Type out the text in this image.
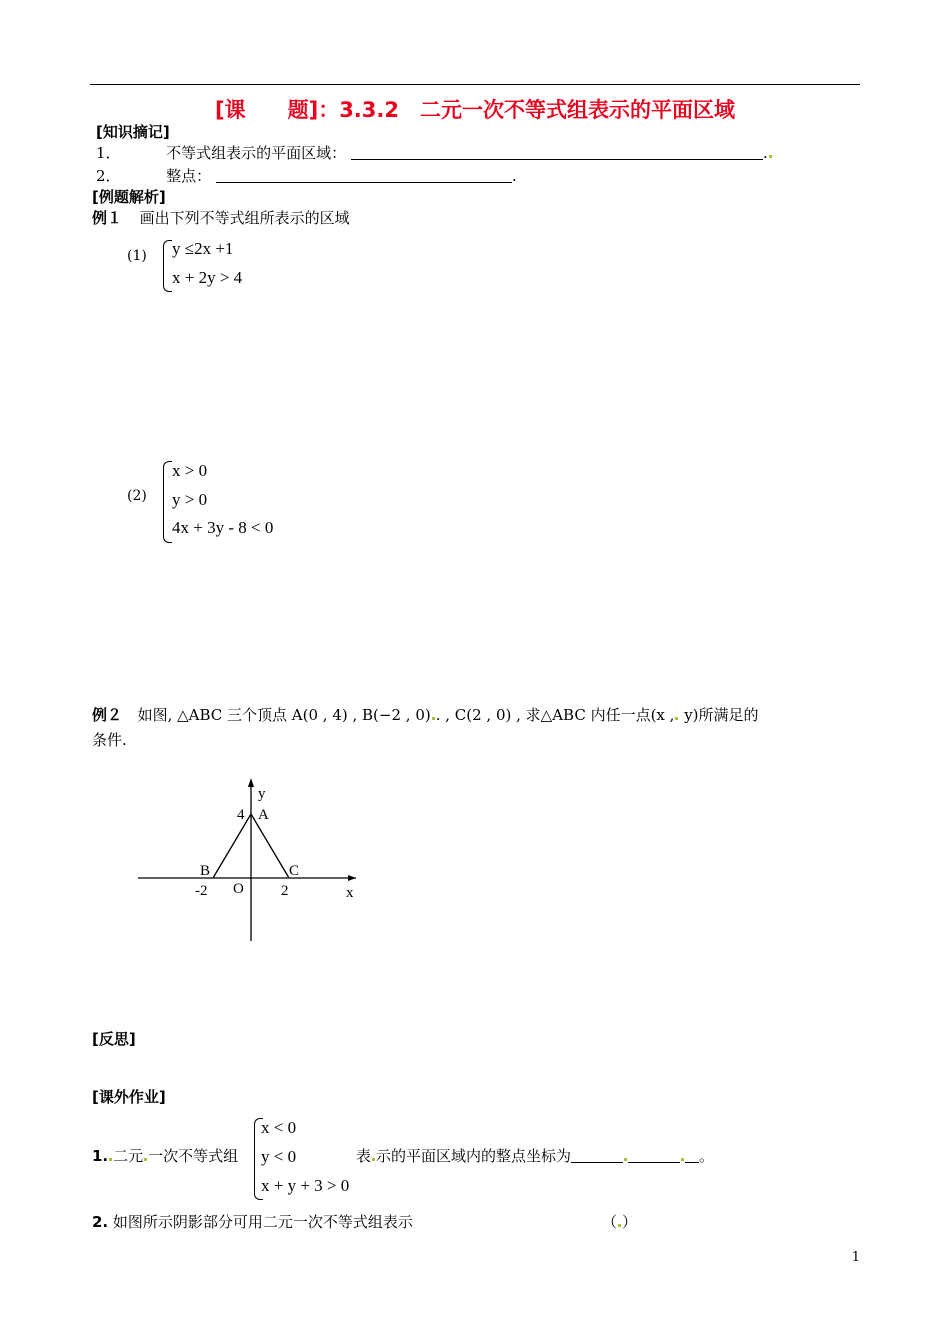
[课　　题]：3.3.2　二元一次不等式组表示的平面区域
[知识摘记]
1．	不等式组表示的平面区域：	.
2．	整点：	.
[例题解析]
例１ 画出下列不等式组所表示的区域
(1) y ≤2x +1
x + 2y > 4
(2)
x > 0
y > 0
4x + 3y - 8 < 0
例２ 如图, △ABC 三个顶点 A(0 , 4) , B(−2 , 0) . , C(2 , 0) , 求△ABC 内任一点(x , y)所满足的
条件.
y
x
A
4
B	C
-2 O 2
[反思]
[课外作业]
1. 二元 一次不等式组
x < 0
y < 0
x + y + 3 > 0
表 示的平面区域内的整点坐标为	。
2. 如图所示阴影部分可用二元一次不等式组表示	（ ）
1
